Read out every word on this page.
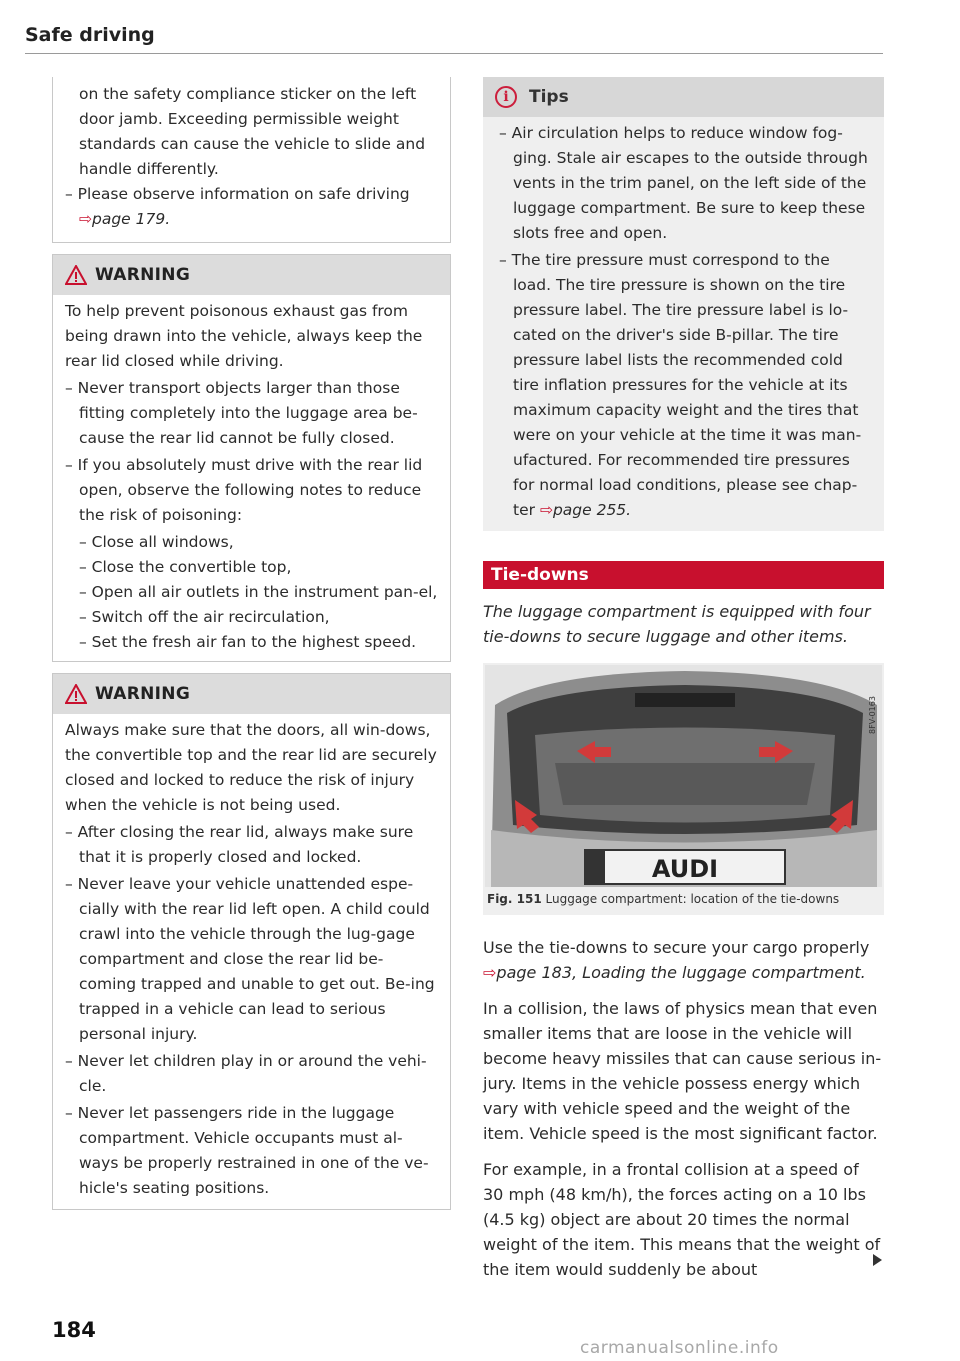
Safe driving
on the safety compliance sticker on the left door jamb. Exceeding permissible weight standards can cause the vehicle to slide and handle differently.
– Please observe information on safe driving
⇨page 179.
WARNING
To help prevent poisonous exhaust gas from being drawn into the vehicle, always keep the rear lid closed while driving.
– Never transport objects larger than those fitting completely into the luggage area be-cause the rear lid cannot be fully closed.
– If you absolutely must drive with the rear lid open, observe the following notes to reduce the risk of poisoning:
– Close all windows,
– Close the convertible top,
– Open all air outlets in the instrument pan-el,
– Switch off the air recirculation,
– Set the fresh air fan to the highest speed.
WARNING
Always make sure that the doors, all win-dows, the convertible top and the rear lid are securely closed and locked to reduce the risk of injury when the vehicle is not being used.
– After closing the rear lid, always make sure that it is properly closed and locked.
– Never leave your vehicle unattended espe-cially with the rear lid left open. A child could crawl into the vehicle through the lug-gage compartment and close the rear lid be-coming trapped and unable to get out. Be-ing trapped in a vehicle can lead to serious personal injury.
– Never let children play in or around the vehi-cle.
– Never let passengers ride in the luggage compartment. Vehicle occupants must al-ways be properly restrained in one of the ve-hicle's seating positions.
i	Tips
– Air circulation helps to reduce window fog-ging. Stale air escapes to the outside through vents in the trim panel, on the left side of the luggage compartment. Be sure to keep these slots free and open.
– The tire pressure must correspond to the load. The tire pressure is shown on the tire pressure label. The tire pressure label is lo-cated on the driver's side B-pillar. The tire pressure label lists the recommended cold tire inflation pressures for the vehicle at its maximum capacity weight and the tires that were on your vehicle at the time it was man-ufactured. For recommended tire pressures for normal load conditions, please see chap-ter ⇨page 255.
Tie-downs
The luggage compartment is equipped with four tie-downs to secure luggage and other items.
AUDI
8FV-0163
Fig. 151 Luggage compartment: location of the tie-downs

Use the tie-downs to secure your cargo properly ⇨page 183, Loading the luggage compartment.

In a collision, the laws of physics mean that even smaller items that are loose in the vehicle will become heavy missiles that can cause serious in-jury. Items in the vehicle possess energy which vary with vehicle speed and the weight of the item. Vehicle speed is the most significant factor.

For example, in a frontal collision at a speed of 30 mph (48 km/h), the forces acting on a 10 lbs (4.5 kg) object are about 20 times the normal weight of the item. This means that the weight of the item would suddenly be about

184
carmanualsonline.info
